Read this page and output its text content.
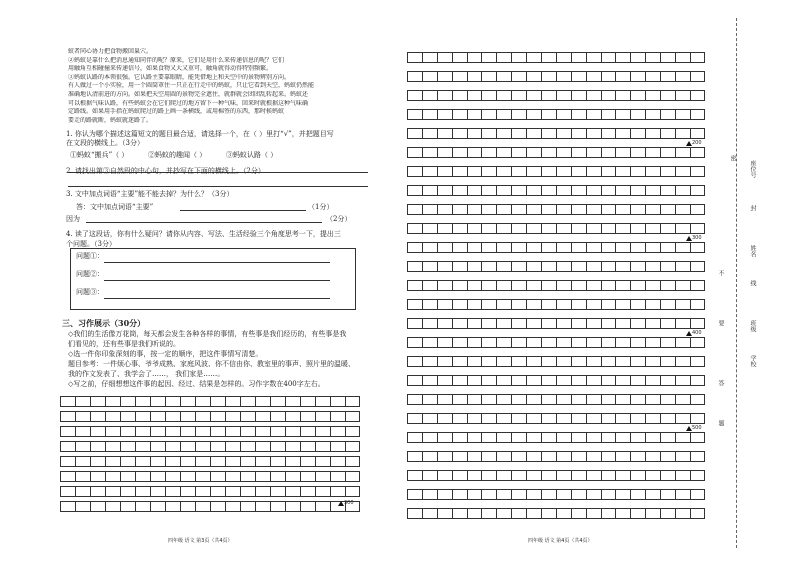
蚁者同心协力把食物搬回巢穴。
②蚂蚁是靠什么把消息通知同伴的呢？原来，它们是用什么来传递信息的呢？它们
用触角互相碰撞来传递信号，如果食物又大又重可，触角就得动得特别频繁。
③蚂蚁认路的本领很强。它认路主要靠眼睛，能凭借地上和天空中的景物辨别方向。
有人做过一个小实验，用一个圆筒罩住一只正在行走中的蚂蚁，只让它看到天空，蚂蚁仍然能
准确地认清前进的方向。如果把天空用圆的景物完全遮住，就群就会团团乱转起来。蚂蚁还
可以根据气味认路，有些蚂蚁会在它们爬过的地方留下一种气味，回来时就根据这种气味确
定路线。如果用手指在蚂蚁爬过的路上画一条横线，或用棉签的东西，那时候蚂蚁
要走的路就断，蚂蚁就迷路了。
1. 你认为哪个描述这篇短文的题目最合适，请选择一个，在（ ）里打“√”，并把题目写
在文段的横线上。（3分）
①蚂蚁“搬兵”（ ）	②蚂蚁的趣闻（ ）	③蚂蚁认路（ ）
2. 请找出第③自然段的中心句，并抄写在下面的横线上。（2分）
3. 文中加点词语“主要”能不能去掉？为什么？（3分）
答：文中加点词语“主要”	（1分）
因为	（2分）
4. 读了这段话，你有什么疑问？请你从内容、写法、生活经验三个角度思考一下，提出三
个问题。（3分）
问题①：
问题②：
问题③：
三、习作展示（30分）
◇我们的生活像万花筒，每天都会发生各种各样的事情，有些事是我们经历的，有些事是我
们看见的，还有些事是我们听说的。
◇选一件你印象深刻的事，按一定的顺序，把这件事情写清楚。
题目参考：一件烦心事、爷爷成熟、家庭风波、你不信由你、教室里的事声、照片里的温暖、
我的作文发表了、我学会了……， 我们家是……。
◇写之前，仔细想想这件事的起因、经过、结果是怎样的。习作字数在400字左右。
300
四年级 语文 第3页（共4页）
200
300
400
500
四年级 语文 第4页（共4页）
密
座位号
封
姓名
线
班级
学校
不
要
答
题
